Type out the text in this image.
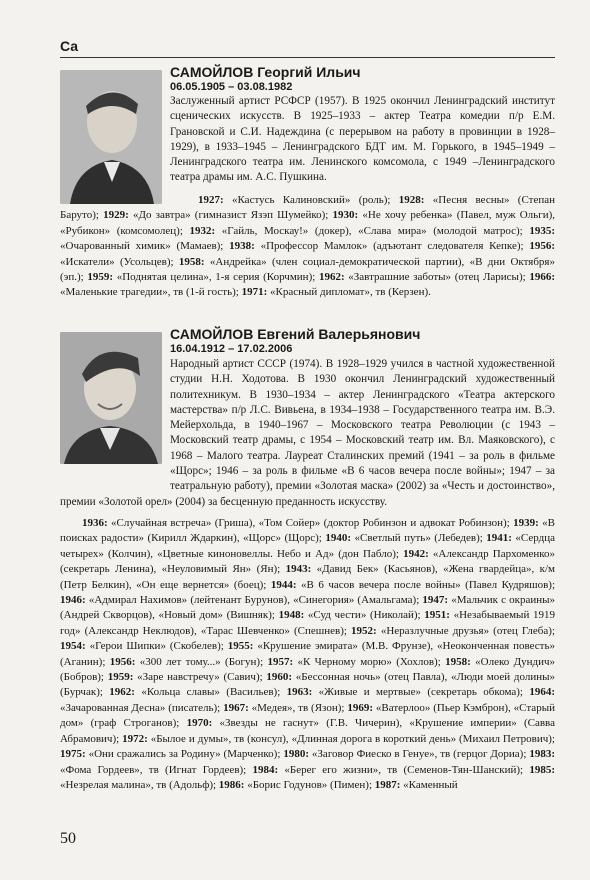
Са
САМОЙЛОВ Георгий Ильич
06.05.1905 – 03.08.1982

Заслуженный артист РСФСР (1957). В 1925 окончил Ленинградский институт сценических искусств. В 1925–1933 – актер Театра комедии п/р Е.М. Грановской и С.И. Надеждина (с перерывом на работу в провинции в 1928–1929), в 1933–1945 – Ленинградского БДТ им. М. Горького, в 1945–1949 – Ленинградского театра им. Ленинского комсомола, с 1949 –Ленинградского театра драмы им. А.С. Пушкина.

1927: «Кастусь Калиновский» (роль); 1928: «Песня весны» (Степан Баруто); 1929: «До завтра» (гимназист Язэп Шумейко); 1930: «Не хочу ребенка» (Павел, муж Ольги), «Рубикон» (комсомолец); 1932: «Гайль, Москау!» (докер), «Слава мира» (молодой матрос); 1935: «Очарованный химик» (Мамаев); 1938: «Профессор Мамлок» (адъютант следователя Кепке); 1956: «Искатели» (Усольцев); 1958: «Андрейка» (член социал-демократической партии), «В дни Октября» (эп.); 1959: «Поднятая целина», 1-я серия (Корчмин); 1962: «Завтрашние заботы» (отец Ларисы); 1966: «Маленькие трагедии», тв (1-й гость); 1971: «Красный дипломат», тв (Керзен).

САМОЙЛОВ Евгений Валерьянович
16.04.1912 – 17.02.2006

Народный артист СССР (1974). В 1928–1929 учился в частной художественной студии Н.Н. Ходотова. В 1930 окончил Ленинградский художественный политехникум. В 1930–1934 – актер Ленинградского «Театра актерского мастерства» п/р Л.С. Вивьена, в 1934–1938 – Государственного театра им. В.Э. Мейерхольда, в 1940–1967 – Московского театра Революции (с 1943 – Московский театр драмы, с 1954 – Московский театр им. Вл. Маяковского), с 1968 – Малого театра. Лауреат Сталинских премий (1941 – за роль в фильме «Щорс»; 1946 – за роль в фильме «В 6 часов вечера после войны»; 1947 – за театральную работу), премии «Золотая маска» (2002) за «Честь и достоинство», премии «Золотой орел» (2004) за бесценную преданность искусству.

1936: «Случайная встреча» (Гриша), «Том Сойер» (доктор Робинзон и адвокат Робинзон); 1939: «В поисках радости» (Кирилл Ждаркин), «Щорс» (Щорс); 1940: «Светлый путь» (Лебедев); 1941: «Сердца четырех» (Колчин), «Цветные киноновеллы. Небо и Ад» (дон Пабло); 1942: «Александр Пархоменко» (секретарь Ленина), «Неуловимый Ян» (Ян); 1943: «Давид Бек» (Касьянов), «Жена гвардейца», к/м (Петр Белкин), «Он еще вернется» (боец); 1944: «В 6 часов вечера после войны» (Павел Кудряшов); 1946: «Адмирал Нахимов» (лейтенант Бурунов), «Синегория» (Амальгама); 1947: «Мальчик с окраины» (Андрей Скворцов), «Новый дом» (Вишняк); 1948: «Суд чести» (Николай); 1951: «Незабываемый 1919 год» (Александр Неклюдов), «Тарас Шевченко» (Спешнев); 1952: «Неразлучные друзья» (отец Глеба); 1954: «Герои Шипки» (Скобелев); 1955: «Крушение эмирата» (М.В. Фрунзе), «Неоконченная повесть» (Аганин); 1956: «300 лет тому...» (Богун); 1957: «К Черному морю» (Хохлов); 1958: «Олеко Дундич» (Бобров); 1959: «Заре навстречу» (Савич); 1960: «Бессонная ночь» (отец Павла), «Люди моей долины» (Бурчак); 1962: «Кольца славы» (Васильев); 1963: «Живые и мертвые» (секретарь обкома); 1964: «Зачарованная Десна» (писатель); 1967: «Медея», тв (Язон); 1969: «Ватерлоо» (Пьер Кэмброн), «Старый дом» (граф Строганов); 1970: «Звезды не гаснут» (Г.В. Чичерин), «Крушение империи» (Савва Абрамович); 1972: «Былое и думы», тв (консул), «Длинная дорога в короткий день» (Михаил Петрович); 1975: «Они сражались за Родину» (Марченко); 1980: «Заговор Фиеско в Генуе», тв (герцог Дориа); 1983: «Фома Гордеев», тв (Игнат Гордеев); 1984: «Берег его жизни», тв (Семенов-Тян-Шанский); 1985: «Незрелая малина», тв (Адольф); 1986: «Борис Годунов» (Пимен); 1987: «Каменный

50
